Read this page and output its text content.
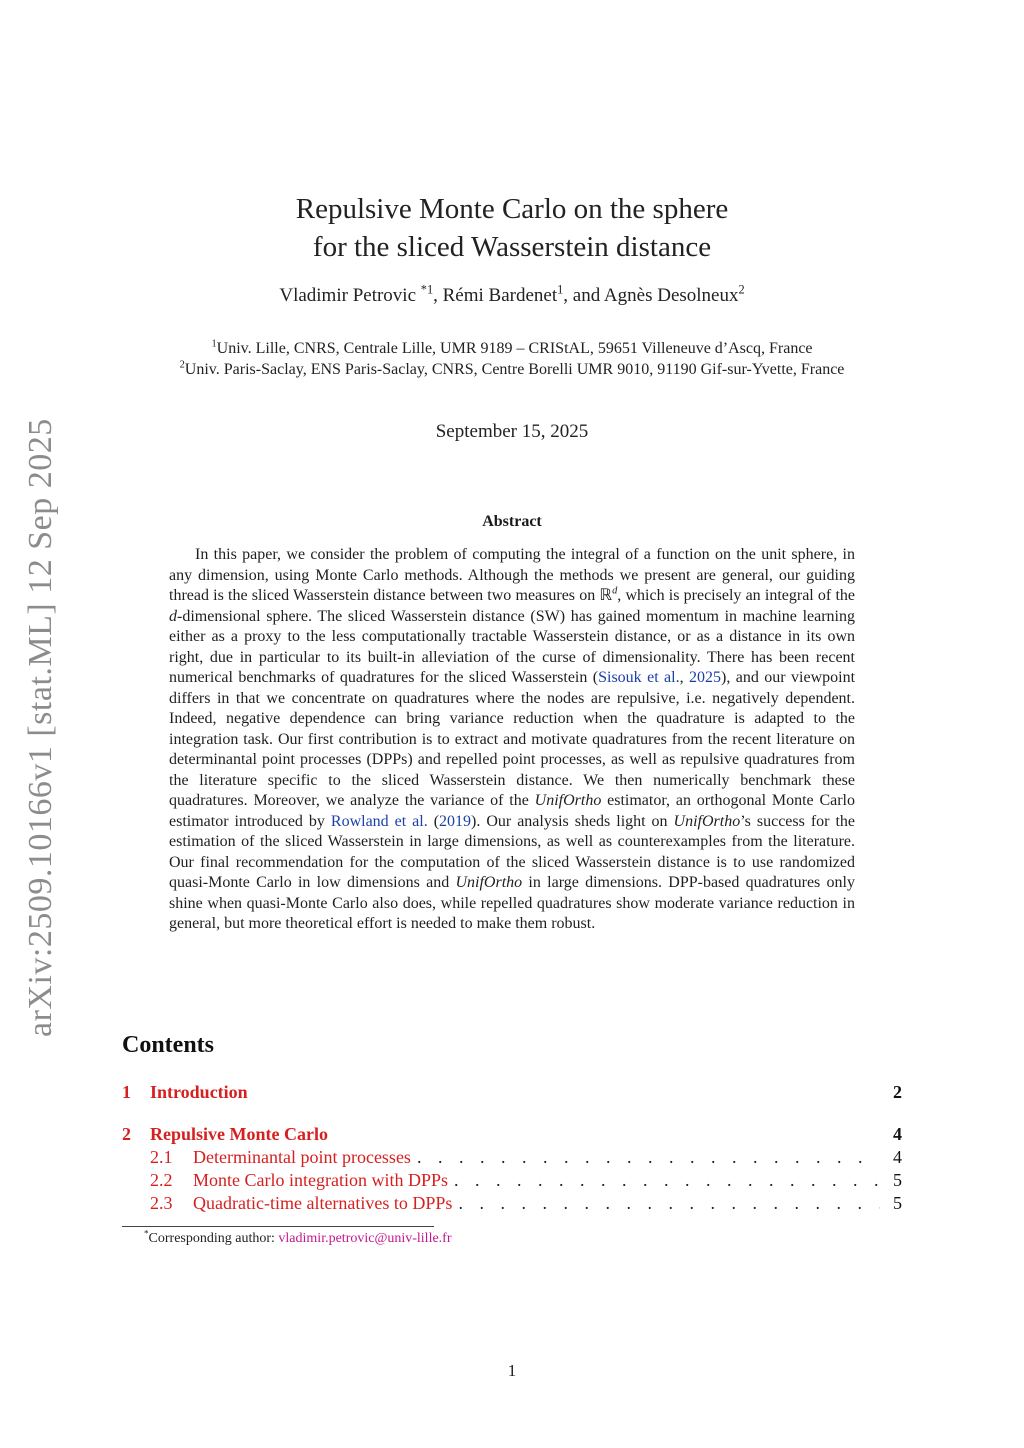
arXiv:2509.10166v1 [stat.ML] 12 Sep 2025
Repulsive Monte Carlo on the sphere
for the sliced Wasserstein distance
Vladimir Petrovic $^{*1}$, Rémi Bardenet$^1$, and Agnès Desolneux$^2$
$^1$Univ. Lille, CNRS, Centrale Lille, UMR 9189 – CRIStAL, 59651 Villeneuve d’Ascq, France
$^2$Univ. Paris-Saclay, ENS Paris-Saclay, CNRS, Centre Borelli UMR 9010, 91190 Gif-sur-Yvette, France
September 15, 2025
Abstract
In this paper, we consider the problem of computing the integral of a function on the unit sphere, in any dimension, using Monte Carlo methods. Although the methods we present are general, our guiding thread is the sliced Wasserstein distance between two measures on ℝ$^d$, which is precisely an integral of the d-dimensional sphere. The sliced Wasserstein distance (SW) has gained momentum in machine learning either as a proxy to the less computationally tractable Wasserstein distance, or as a distance in its own right, due in particular to its built-in alleviation of the curse of dimensionality. There has been recent numerical benchmarks of quadratures for the sliced Wasserstein (Sisouk et al., 2025), and our viewpoint differs in that we concentrate on quadratures where the nodes are repulsive, i.e. negatively dependent. Indeed, negative dependence can bring variance reduction when the quadrature is adapted to the integration task. Our first contribution is to extract and motivate quadratures from the recent literature on determinantal point processes (DPPs) and repelled point processes, as well as repulsive quadratures from the literature specific to the sliced Wasserstein distance. We then numerically benchmark these quadratures. Moreover, we analyze the variance of the UnifOrtho estimator, an orthogonal Monte Carlo estimator introduced by Rowland et al. (2019). Our analysis sheds light on UnifOrtho’s success for the estimation of the sliced Wasserstein in large dimensions, as well as counterexamples from the literature. Our final recommendation for the computation of the sliced Wasserstein distance is to use randomized quasi-Monte Carlo in low dimensions and UnifOrtho in large dimensions. DPP-based quadratures only shine when quasi-Monte Carlo also does, while repelled quadratures show moderate variance reduction in general, but more theoretical effort is needed to make them robust.
Contents
1	Introduction	2
2	Repulsive Monte Carlo	4
2.1	Determinantal point processes . . .	4
2.2	Monte Carlo integration with DPPs . . .	5
2.3	Quadratic-time alternatives to DPPs . . .	5
*Corresponding author: vladimir.petrovic@univ-lille.fr
1
